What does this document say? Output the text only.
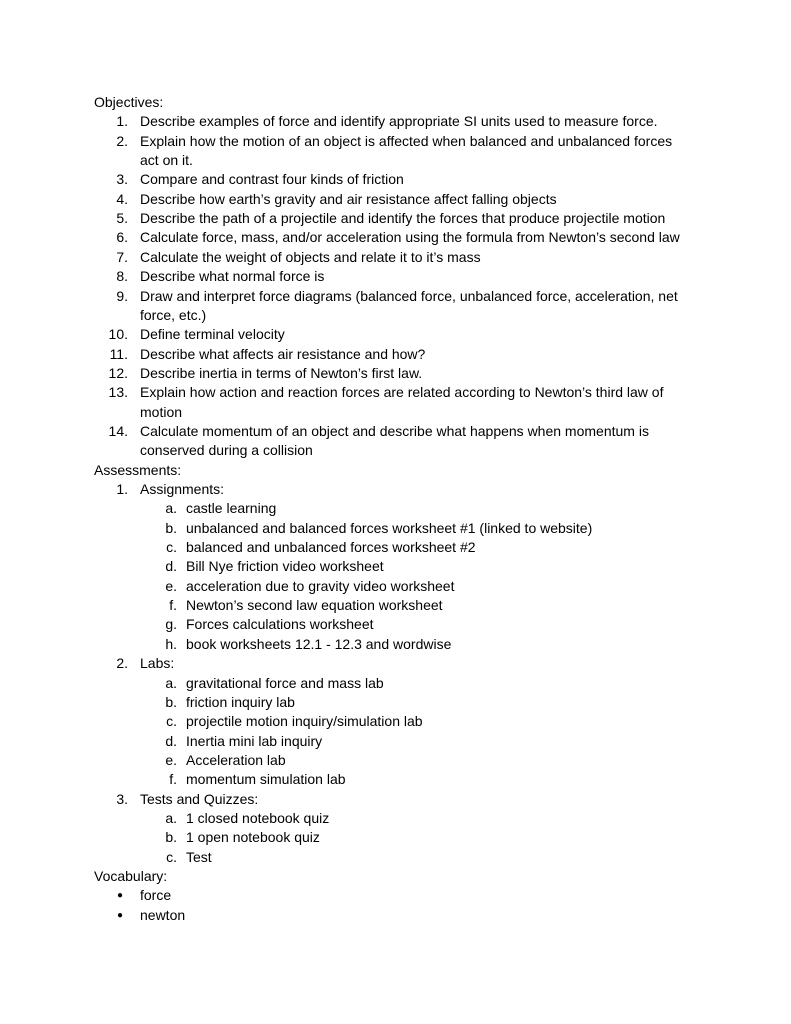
Objectives:
1. Describe examples of force and identify appropriate SI units used to measure force.
2. Explain how the motion of an object is affected when balanced and unbalanced forces
act on it.
3. Compare and contrast four kinds of friction
4. Describe how earth’s gravity and air resistance affect falling objects
5. Describe the path of a projectile and identify the forces that produce projectile motion
6. Calculate force, mass, and/or acceleration using the formula from Newton’s second law
7. Calculate the weight of objects and relate it to it’s mass
8. Describe what normal force is
9. Draw and interpret force diagrams (balanced force, unbalanced force, acceleration, net
force, etc.)
10. Define terminal velocity
11. Describe what affects air resistance and how?
12. Describe inertia in terms of Newton’s first law.
13. Explain how action and reaction forces are related according to Newton’s third law of
motion
14. Calculate momentum of an object and describe what happens when momentum is
conserved during a collision
Assessments:
1. Assignments:
a. castle learning
b. unbalanced and balanced forces worksheet #1 (linked to website)
c. balanced and unbalanced forces worksheet #2
d. Bill Nye friction video worksheet
e. acceleration due to gravity video worksheet
f. Newton’s second law equation worksheet
g. Forces calculations worksheet
h. book worksheets 12.1 - 12.3 and wordwise
2. Labs:
a. gravitational force and mass lab
b. friction inquiry lab
c. projectile motion inquiry/simulation lab
d. Inertia mini lab inquiry
e. Acceleration lab
f. momentum simulation lab
3. Tests and Quizzes:
a. 1 closed notebook quiz
b. 1 open notebook quiz
c. Test
Vocabulary:
● force
● newton
